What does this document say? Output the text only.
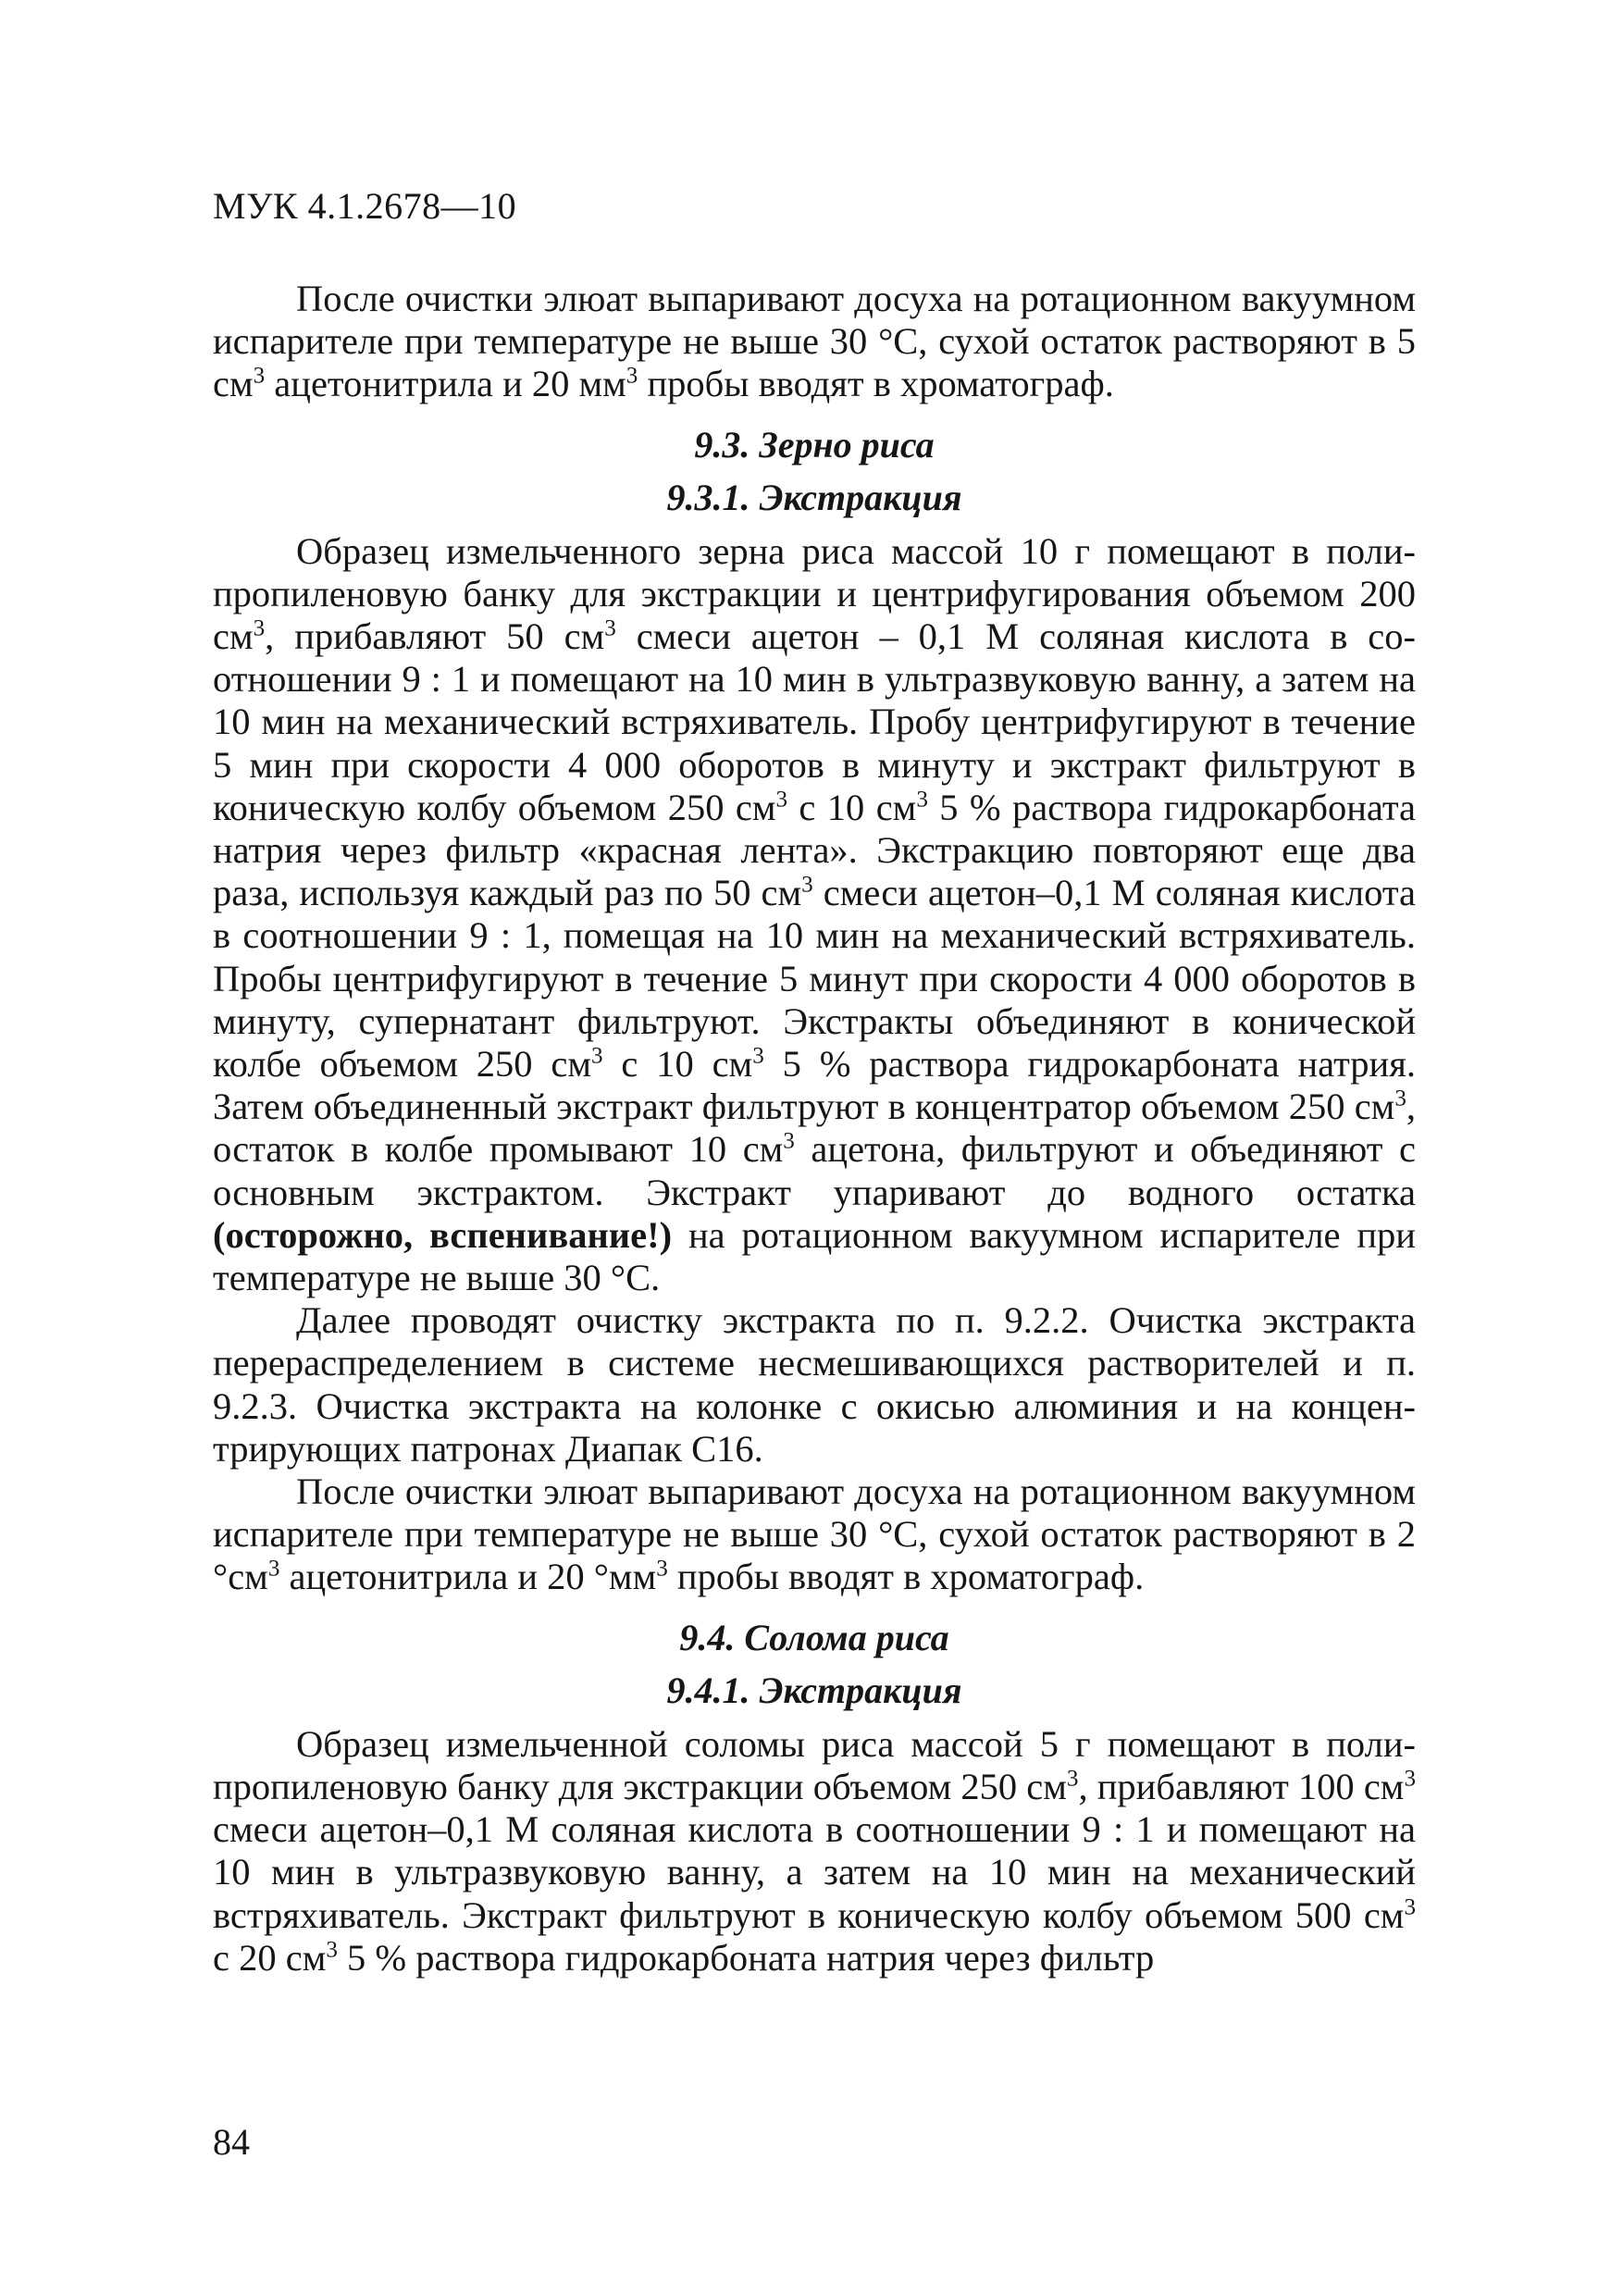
МУК 4.1.2678—10

После очистки элюат выпаривают досуха на ротационном вакуумном испарителе при температуре не выше 30 °C, сухой остаток растворяют в 5 $см^3$ ацетонитрила и 20 $мм^3$ пробы вводят в хроматограф.

9.3. Зерно риса
9.3.1. Экстракция

Образец измельченного зерна риса массой 10 г помещают в полипропиленовую банку для экстракции и центрифугирования объемом 200 $см^3$, прибавляют 50 $см^3$ смеси ацетон – 0,1 М соляная кислота в соотношении 9 : 1 и помещают на 10 мин в ультразвуковую ванну, а затем на 10 мин на механический встряхиватель. Пробу центрифугируют в течение 5 мин при скорости 4 000 оборотов в минуту и экстракт фильтруют в коническую колбу объемом 250 $см^3$ с 10 $см^3$ 5 % раствора гидрокарбоната натрия через фильтр «красная лента». Экстракцию повторяют еще два раза, используя каждый раз по 50 $см^3$ смеси ацетон–0,1 М соляная кислота в соотношении 9 : 1, помещая на 10 мин на механический встряхиватель. Пробы центрифугируют в течение 5 минут при скорости 4 000 оборотов в минуту, супернатант фильтруют. Экстракты объединяют в конической колбе объемом 250 $см^3$ с 10 $см^3$ 5 % раствора гидрокарбоната натрия. Затем объединенный экстракт фильтруют в концентратор объемом 250 $см^3$, остаток в колбе промывают 10 $см^3$ ацетона, фильтруют и объединяют с основным экстрактом. Экстракт упаривают до водного остатка (осторожно, вспенивание!) на ротационном вакуумном испарителе при температуре не выше 30 °C.

Далее проводят очистку экстракта по п. 9.2.2. Очистка экстракта перераспределением в системе несмешивающихся растворителей и п. 9.2.3. Очистка экстракта на колонке с окисью алюминия и на концентрирующих патронах Диапак С16.

После очистки элюат выпаривают досуха на ротационном вакуумном испарителе при температуре не выше 30 °C, сухой остаток растворяют в 2 $^\circ см^3$ ацетонитрила и 20 $^\circ мм^3$ пробы вводят в хроматограф.

9.4. Солома риса
9.4.1. Экстракция

Образец измельченной соломы риса массой 5 г помещают в полипропиленовую банку для экстракции объемом 250 $см^3$, прибавляют 100 $см^3$ смеси ацетон–0,1 М соляная кислота в соотношении 9 : 1 и помещают на 10 мин в ультразвуковую ванну, а затем на 10 мин на механический встряхиватель. Экстракт фильтруют в коническую колбу объемом 500 $см^3$ с 20 $см^3$ 5 % раствора гидрокарбоната натрия через фильтр

84
